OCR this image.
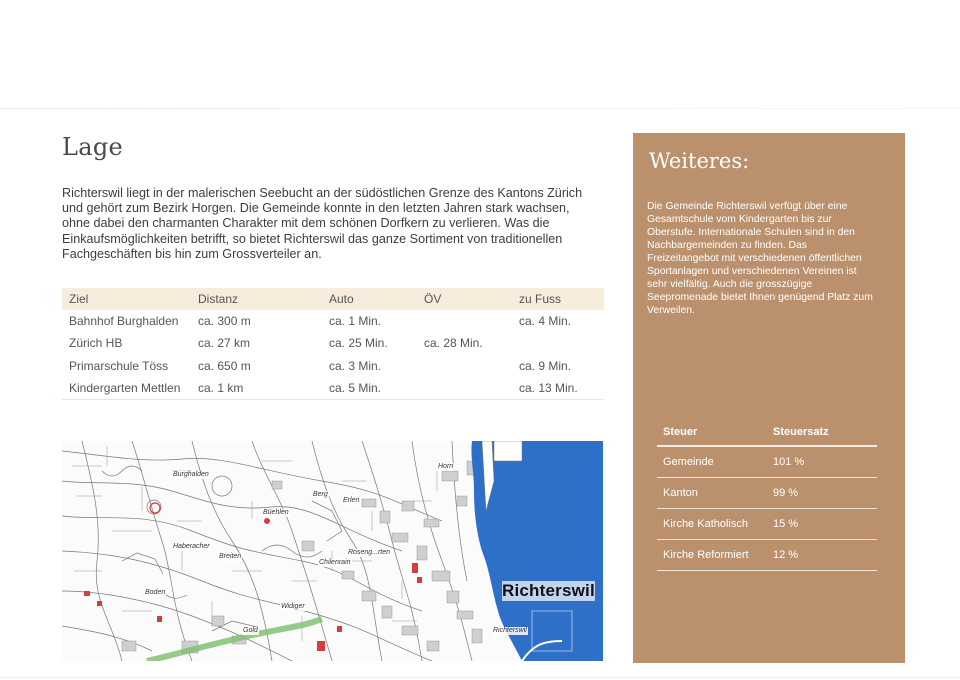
Lage

Richterswil liegt in der malerischen Seebucht an der südöstlichen Grenze des Kantons Zürich und gehört zum Bezirk Horgen. Die Gemeinde konnte in den letzten Jahren stark wachsen, ohne dabei den charmanten Charakter mit dem schönen Dorfkern zu verlieren. Was die Einkaufsmöglichkeiten betrifft, so bietet Richterswil das ganze Sortiment von traditionellen Fachgeschäften bis hin zum Grossverteiler an.

Ziel	Distanz	Auto	ÖV	zu Fuss
Bahnhof Burghalden	ca. 300 m	ca. 1 Min.		ca. 4 Min.
Zürich HB	ca. 27 km	ca. 25 Min.	ca. 28 Min.	
Primarschule Töss	ca. 650 m	ca. 3 Min.		ca. 9 Min.
Kindergarten Mettlen	ca. 1 km	ca. 5 Min.		ca. 13 Min.
Burghalden
Horn
Berg
Erlen
Büehlen
Haberacher
Breiten
Chilenrain
Roseng...rten
Boden
Widiger
Gold	Richterswil
Richterswil
Weiteres:

Die Gemeinde Richterswil verfügt über eine Gesamtschule vom Kindergarten bis zur Oberstufe. Internationale Schulen sind in den Nachbargemeinden zu finden. Das Freizeitangebot mit verschiedenen öffentlichen Sportanlagen und verschiedenen Vereinen ist sehr vielfältig. Auch die grosszügige Seepromenade bietet Ihnen genügend Platz zum Verweilen.

Steuer	Steuersatz
Gemeinde	101 %
Kanton	99 %
Kirche Katholisch	15 %
Kirche Reformiert	12 %
